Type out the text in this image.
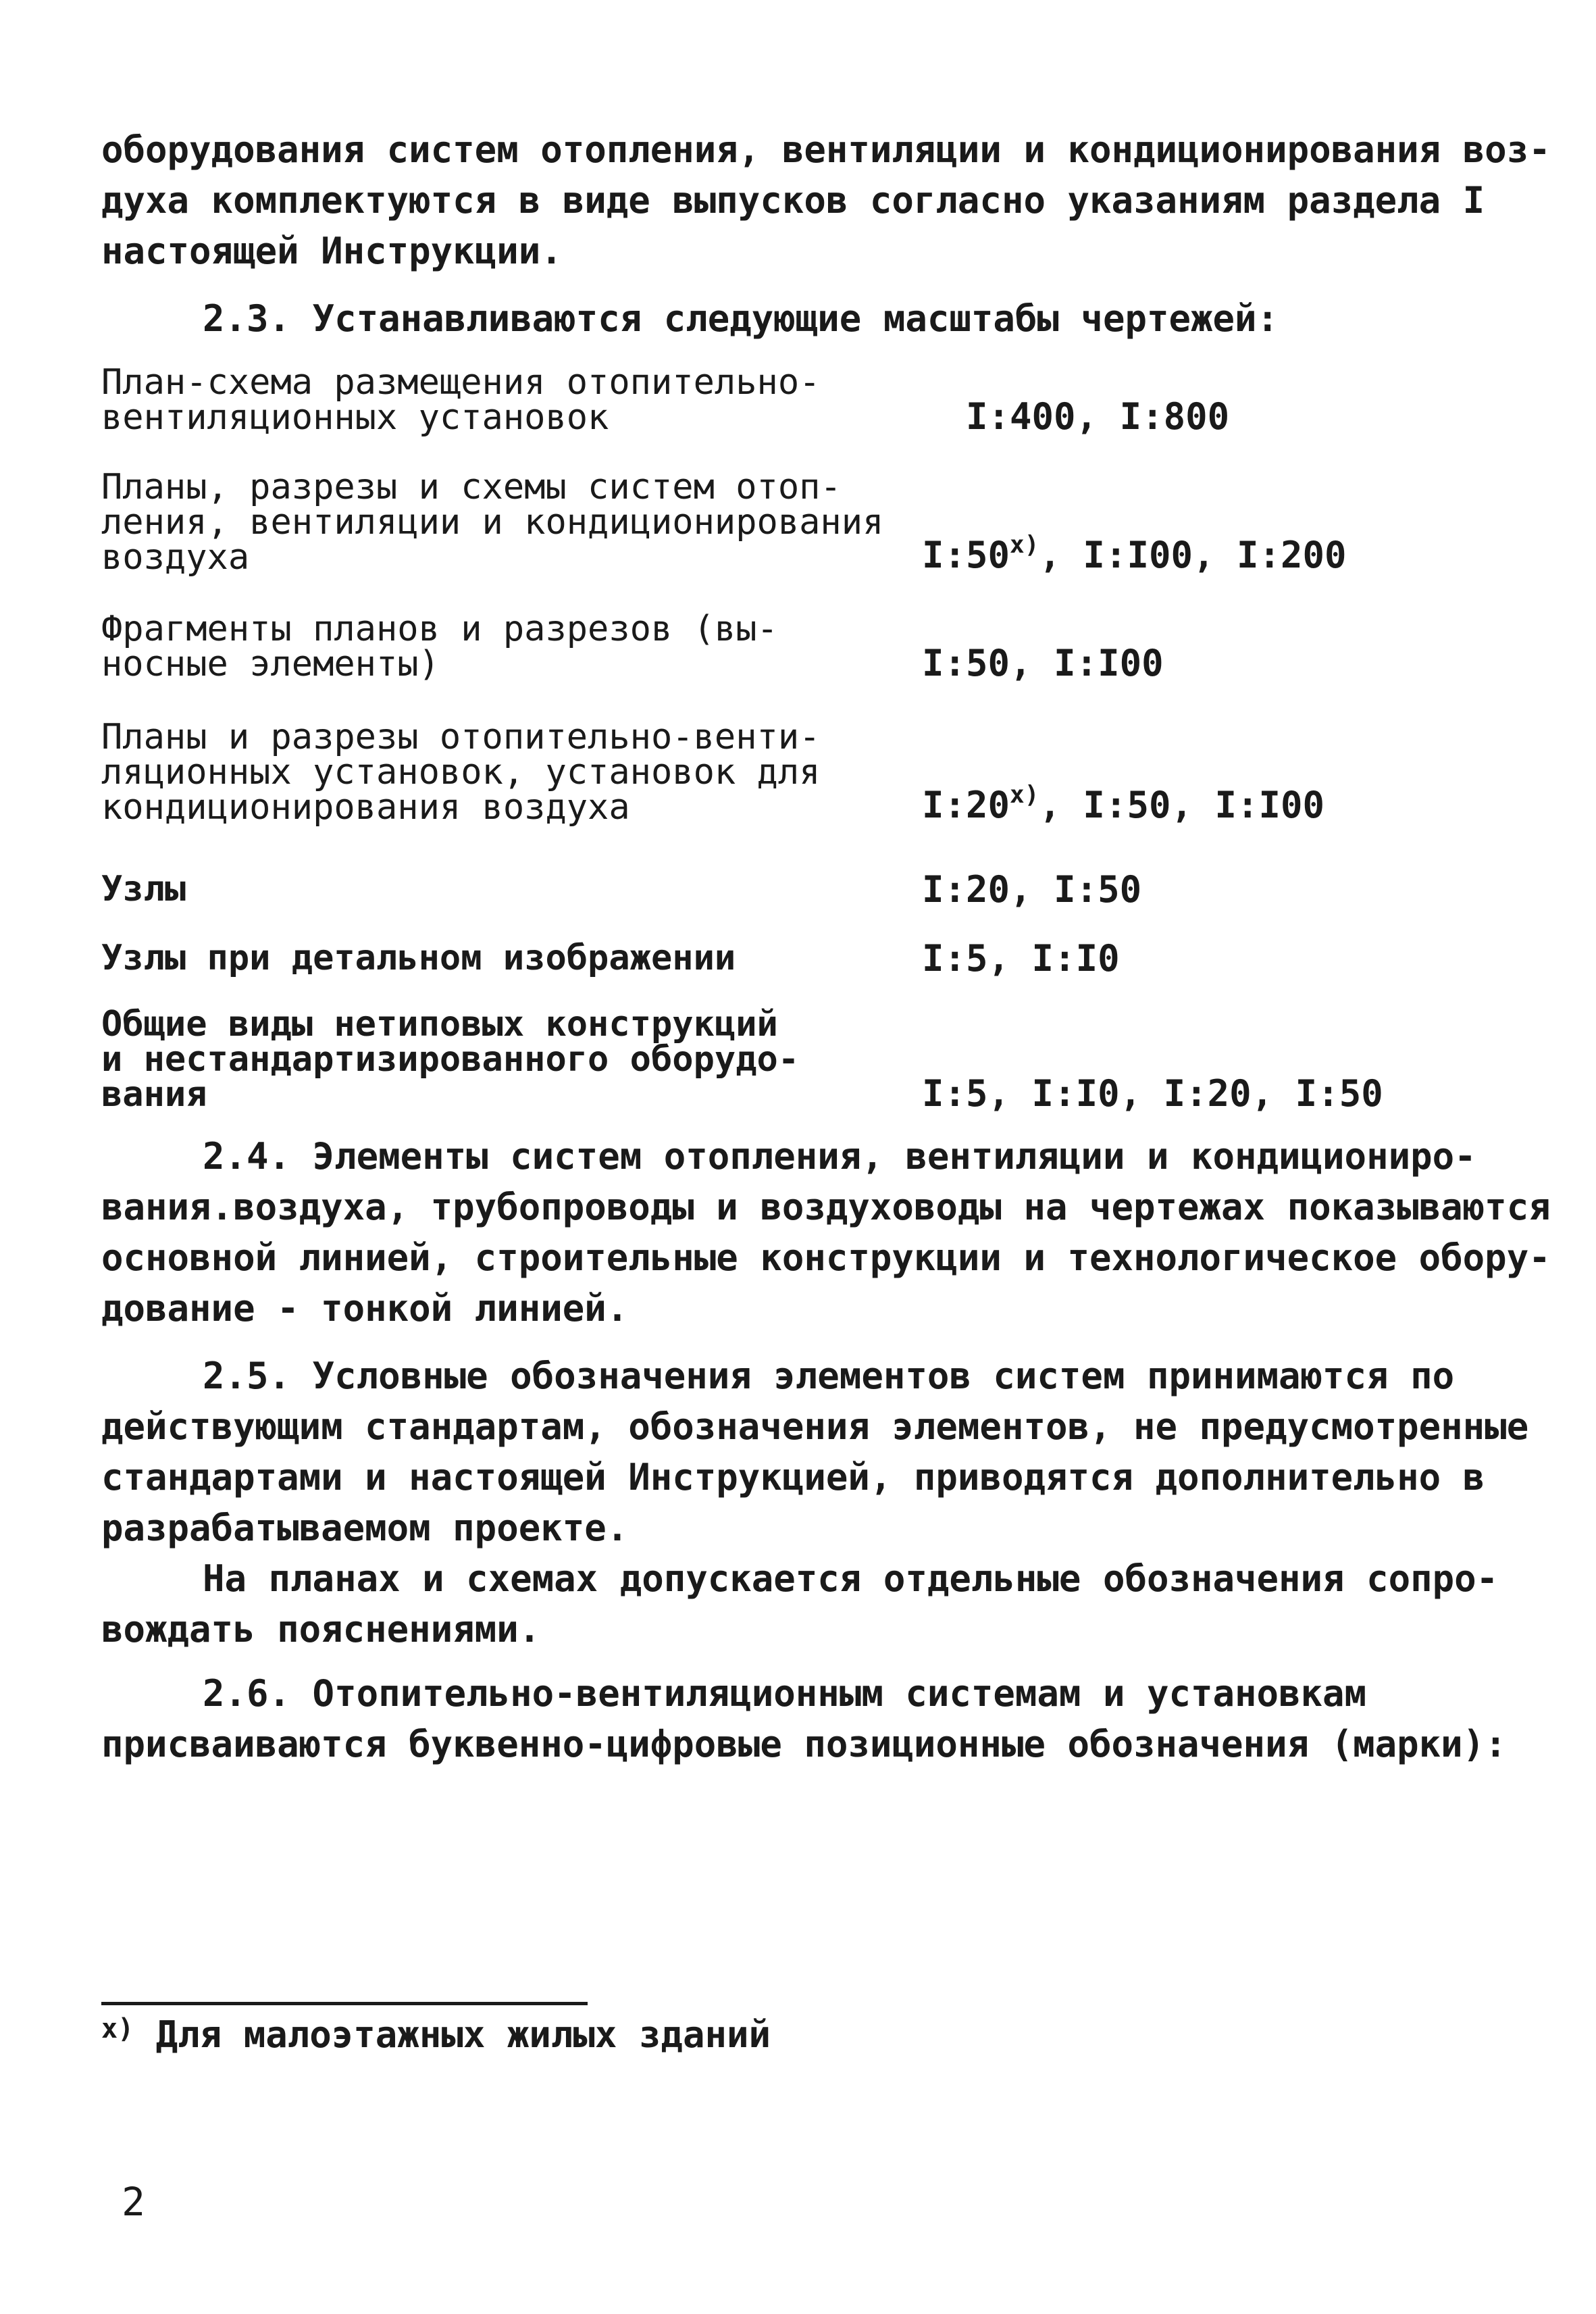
оборудования систем отопления, вентиляции и кондиционирования воз-
духа комплектуются в виде выпусков согласно указаниям раздела I
настоящей Инструкции.
2.3. Устанавливаются следующие масштабы чертежей:
План-схема размещения отопительно-
вентиляционных установок	I:400, I:800
Планы, разрезы и схемы систем отоп-
ления, вентиляции и кондиционирования
воздуха	I:50$^{x)}$, I:I00, I:200
Фрагменты планов и разрезов (вы-
носные элементы)	I:50, I:I00
Планы и разрезы отопительно-венти-
ляционных установок, установок для
кондиционирования воздуха	I:20$^{x)}$, I:50, I:I00
Узлы	I:20, I:50
Узлы при детальном изображении	I:5, I:I0
Общие виды нетиповых конструкций
и нестандартизированного оборудо-
вания	I:5, I:I0, I:20, I:50
2.4. Элементы систем отопления, вентиляции и кондициониро-
вания.воздуха, трубопроводы и воздуховоды на чертежах показываются
основной линией, строительные конструкции и технологическое обору-
дование - тонкой линией.
2.5. Условные обозначения элементов систем принимаются по
действующим стандартам, обозначения элементов, не предусмотренные
стандартами и настоящей Инструкцией, приводятся дополнительно в
разрабатываемом проекте.
На планах и схемах допускается отдельные обозначения сопро-
вождать пояснениями.
2.6. Отопительно-вентиляционным системам и установкам
присваиваются буквенно-цифровые позиционные обозначения (марки):
$^{x)}$ Для малоэтажных жилых зданий
2
